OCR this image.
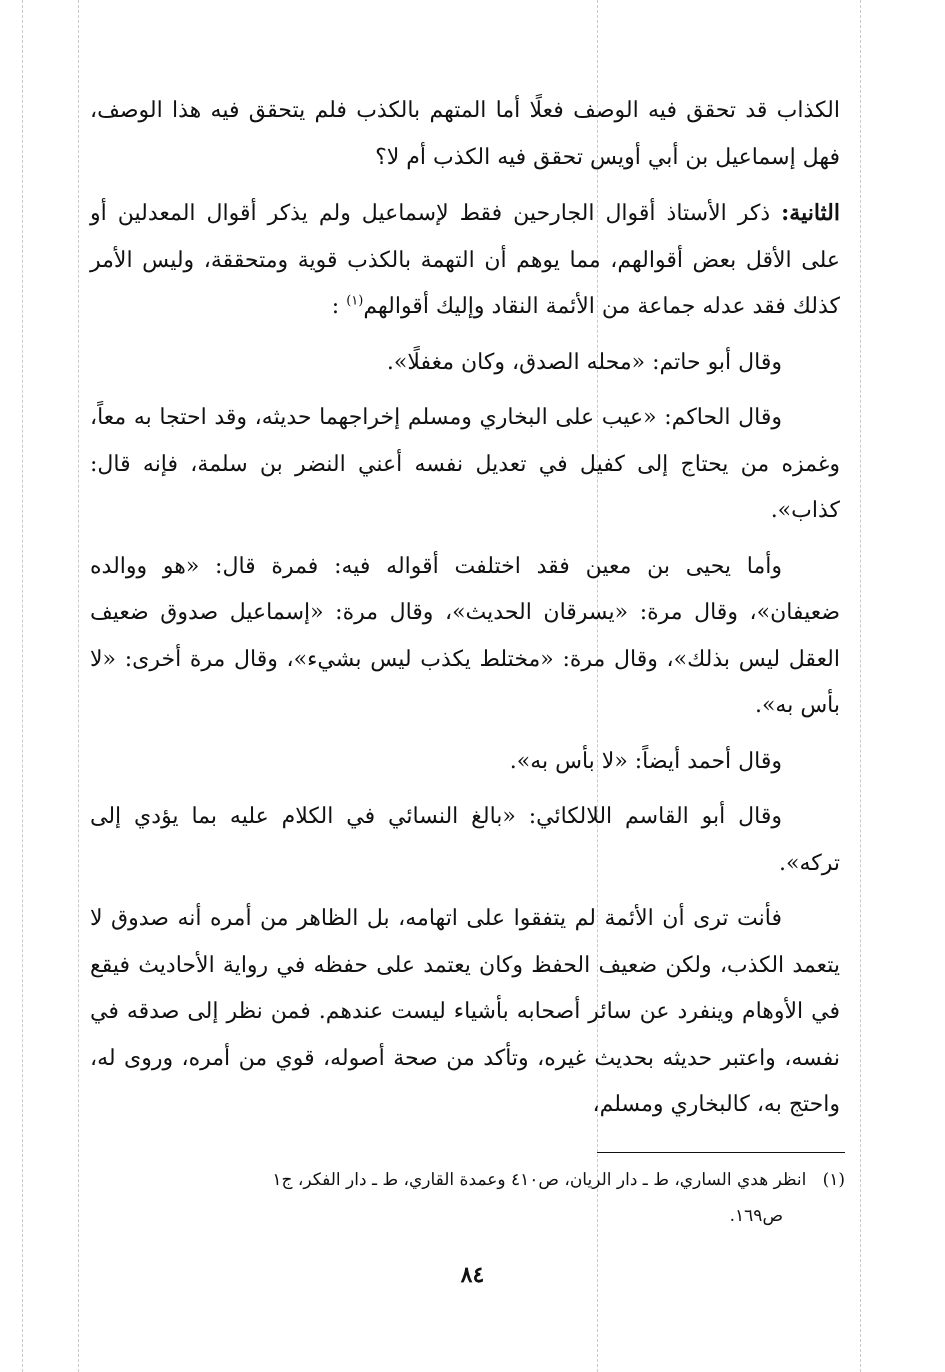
الكذاب قد تحقق فيه الوصف فعلًا أما المتهم بالكذب فلم يتحقق فيه هذا الوصف، فهل إسماعيل بن أبي أويس تحقق فيه الكذب أم لا؟

الثانية: ذكر الأستاذ أقوال الجارحين فقط لإسماعيل ولم يذكر أقوال المعدلين أو على الأقل بعض أقوالهم، مما يوهم أن التهمة بالكذب قوية ومتحققة، وليس الأمر كذلك فقد عدله جماعة من الأئمة النقاد وإليك أقوالهم$^{(١)}$ :

وقال أبو حاتم: «محله الصدق، وكان مغفلًا».

وقال الحاكم: «عيب على البخاري ومسلم إخراجهما حديثه، وقد احتجا به معاً، وغمزه من يحتاج إلى كفيل في تعديل نفسه أعني النضر بن سلمة، فإنه قال: كذاب».

وأما يحيى بن معين فقد اختلفت أقواله فيه: فمرة قال: «هو ووالده ضعيفان»، وقال مرة: «يسرقان الحديث»، وقال مرة: «إسماعيل صدوق ضعيف العقل ليس بذلك»، وقال مرة: «مختلط يكذب ليس بشيء»، وقال مرة أخرى: «لا بأس به».

وقال أحمد أيضاً: «لا بأس به».

وقال أبو القاسم اللالكائي: «بالغ النسائي في الكلام عليه بما يؤدي إلى تركه».

فأنت ترى أن الأئمة لم يتفقوا على اتهامه، بل الظاهر من أمره أنه صدوق لا يتعمد الكذب، ولكن ضعيف الحفظ وكان يعتمد على حفظه في رواية الأحاديث فيقع في الأوهام وينفرد عن سائر أصحابه بأشياء ليست عندهم. فمن نظر إلى صدقه في نفسه، واعتبر حديثه بحديث غيره، وتأكد من صحة أصوله، قوي من أمره، وروى له، واحتج به، كالبخاري ومسلم،

(١)   انظر هدي الساري، ط ـ دار الريان، ص٤١٠ وعمدة القاري، ط ـ دار الفكر، ج١
ص١٦٩.
٨٤
